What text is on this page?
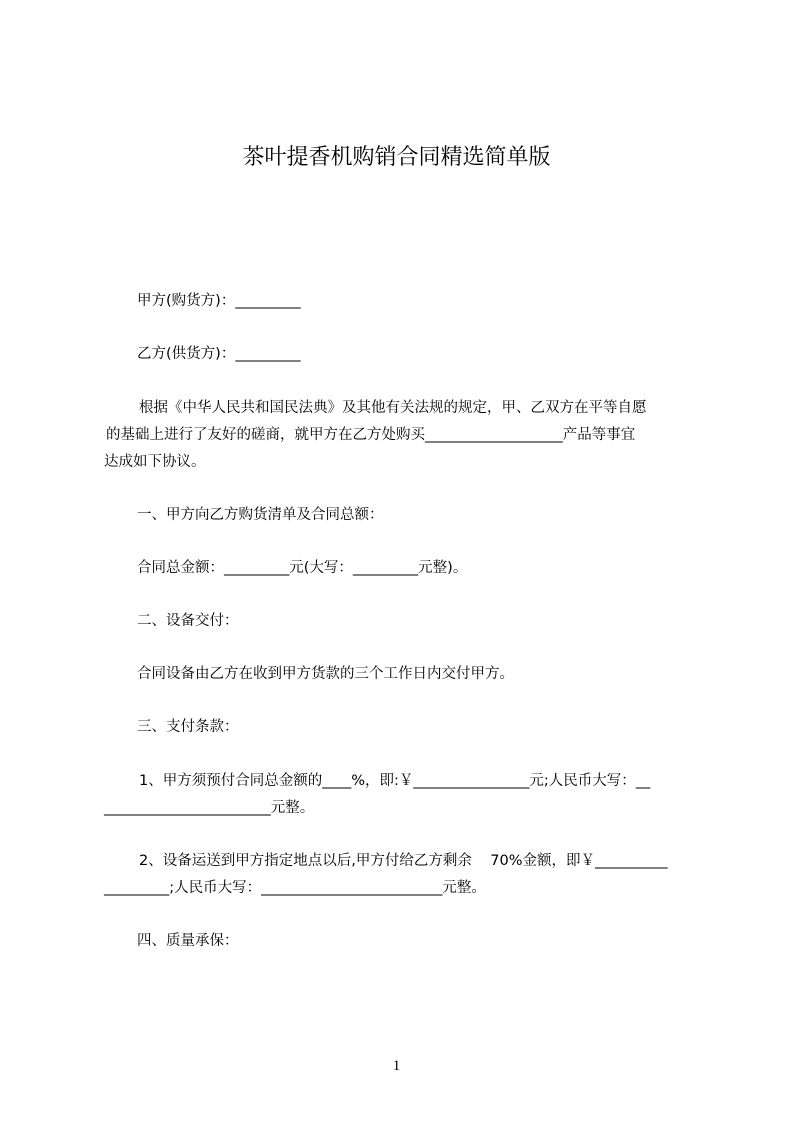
茶叶提香机购销合同精选简单版
甲方(购货方)：_________
乙方(供货方)：_________
根据《中华人民共和国民法典》及其他有关法规的规定，甲、乙双方在平等自愿
的基础上进行了友好的磋商，就甲方在乙方处购买___________________产品等事宜
达成如下协议。
一、甲方向乙方购货清单及合同总额：
合同总金额：_________元(大写：_________元整)。
二、设备交付：
合同设备由乙方在收到甲方货款的三个工作日内交付甲方。
三、支付条款：
1、甲方须预付合同总金额的____%，即:￥________________元;人民币大写：__
_______________________元整。
2、设备运送到甲方指定地点以后,甲方付给乙方剩余    70%金额，即￥__________
_________;人民币大写：_________________________元整。
四、质量承保：
1
